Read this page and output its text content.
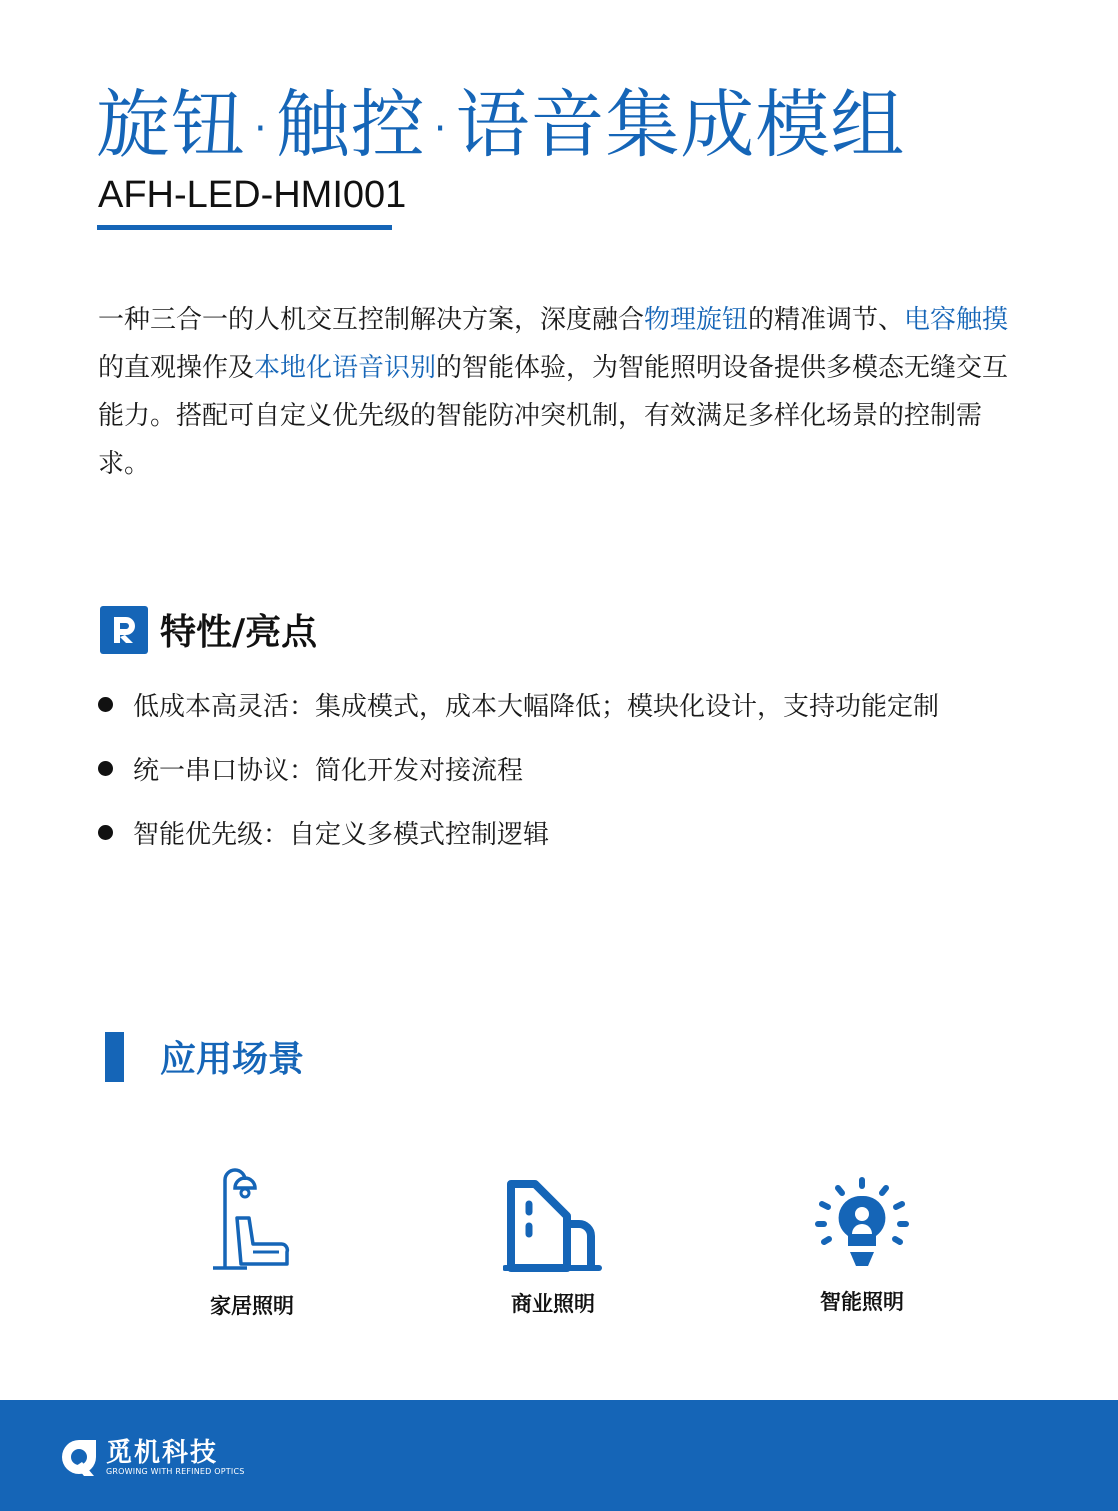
旋钮 · 触控 · 语音集成模组
AFH-LED-HMI001

一种三合一的人机交互控制解决方案，深度融合物理旋钮的精准调节、电容触摸的直观操作及本地化语音识别的智能体验，为智能照明设备提供多模态无缝交互能力。搭配可自定义优先级的智能防冲突机制，有效满足多样化场景的控制需求。

特性/亮点
低成本高灵活：集成模式，成本大幅降低；模块化设计，支持功能定制
统一串口协议：简化开发对接流程
智能优先级：自定义多模式控制逻辑
应用场景
家居照明	商业照明	智能照明
觅机科技
GROWING WITH REFINED OPTICS
